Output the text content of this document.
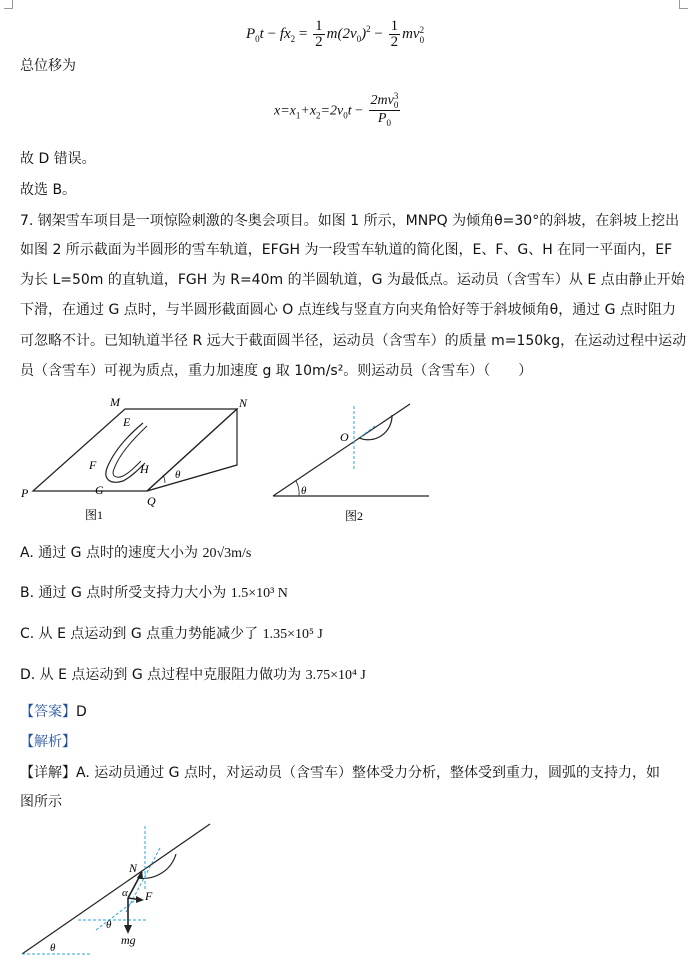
$P_0t - fx_2 = \frac{1}{2} m(2v_0)^2 - \frac{1}{2}$ mv 2
0
总位移为
$x=x_1+x_2=2v_0t - 2mv$ 3
0
$P_0$
故 D 错误。
故选 B。
7. 钢架雪车项目是一项惊险刺激的冬奥会项目。如图 1 所示，MNPQ 为倾角θ=30°的斜坡，在斜坡上挖出
如图 2 所示截面为半圆形的雪车轨道，EFGH 为一段雪车轨道的简化图，E、F、G、H 在同一平面内，EF
为长 L=50m 的直轨道，FGH 为 R=40m 的半圆轨道，G 为最低点。运动员（含雪车）从 E 点由静止开始
下滑，在通过 G 点时，与半圆形截面圆心 O 点连线与竖直方向夹角恰好等于斜坡倾角θ，通过 G 点时阻力
可忽略不计。已知轨道半径 R 远大于截面圆半径，运动员（含雪车）的质量 m=150kg，在运动过程中运动
员（含雪车）可视为质点，重力加速度 g 取 10m/s²。则运动员（含雪车）（　　）
M	N
E
F	H
G
P
Q
θ
图1
O
θ
图2
A. 通过 G 点时的速度大小为 20√3m/s
B. 通过 G 点时所受支持力大小为 1.5×10³ N
C. 从 E 点运动到 G 点重力势能减少了 1.35×10⁵ J
D. 从 E 点运动到 G 点过程中克服阻力做功为 3.75×10⁴ J
【答案】D
【解析】
【详解】A. 运动员通过 G 点时，对运动员（含雪车）整体受力分析，整体受到重力，圆弧的支持力，如
图所示
N
α F
θ
mg
θ
